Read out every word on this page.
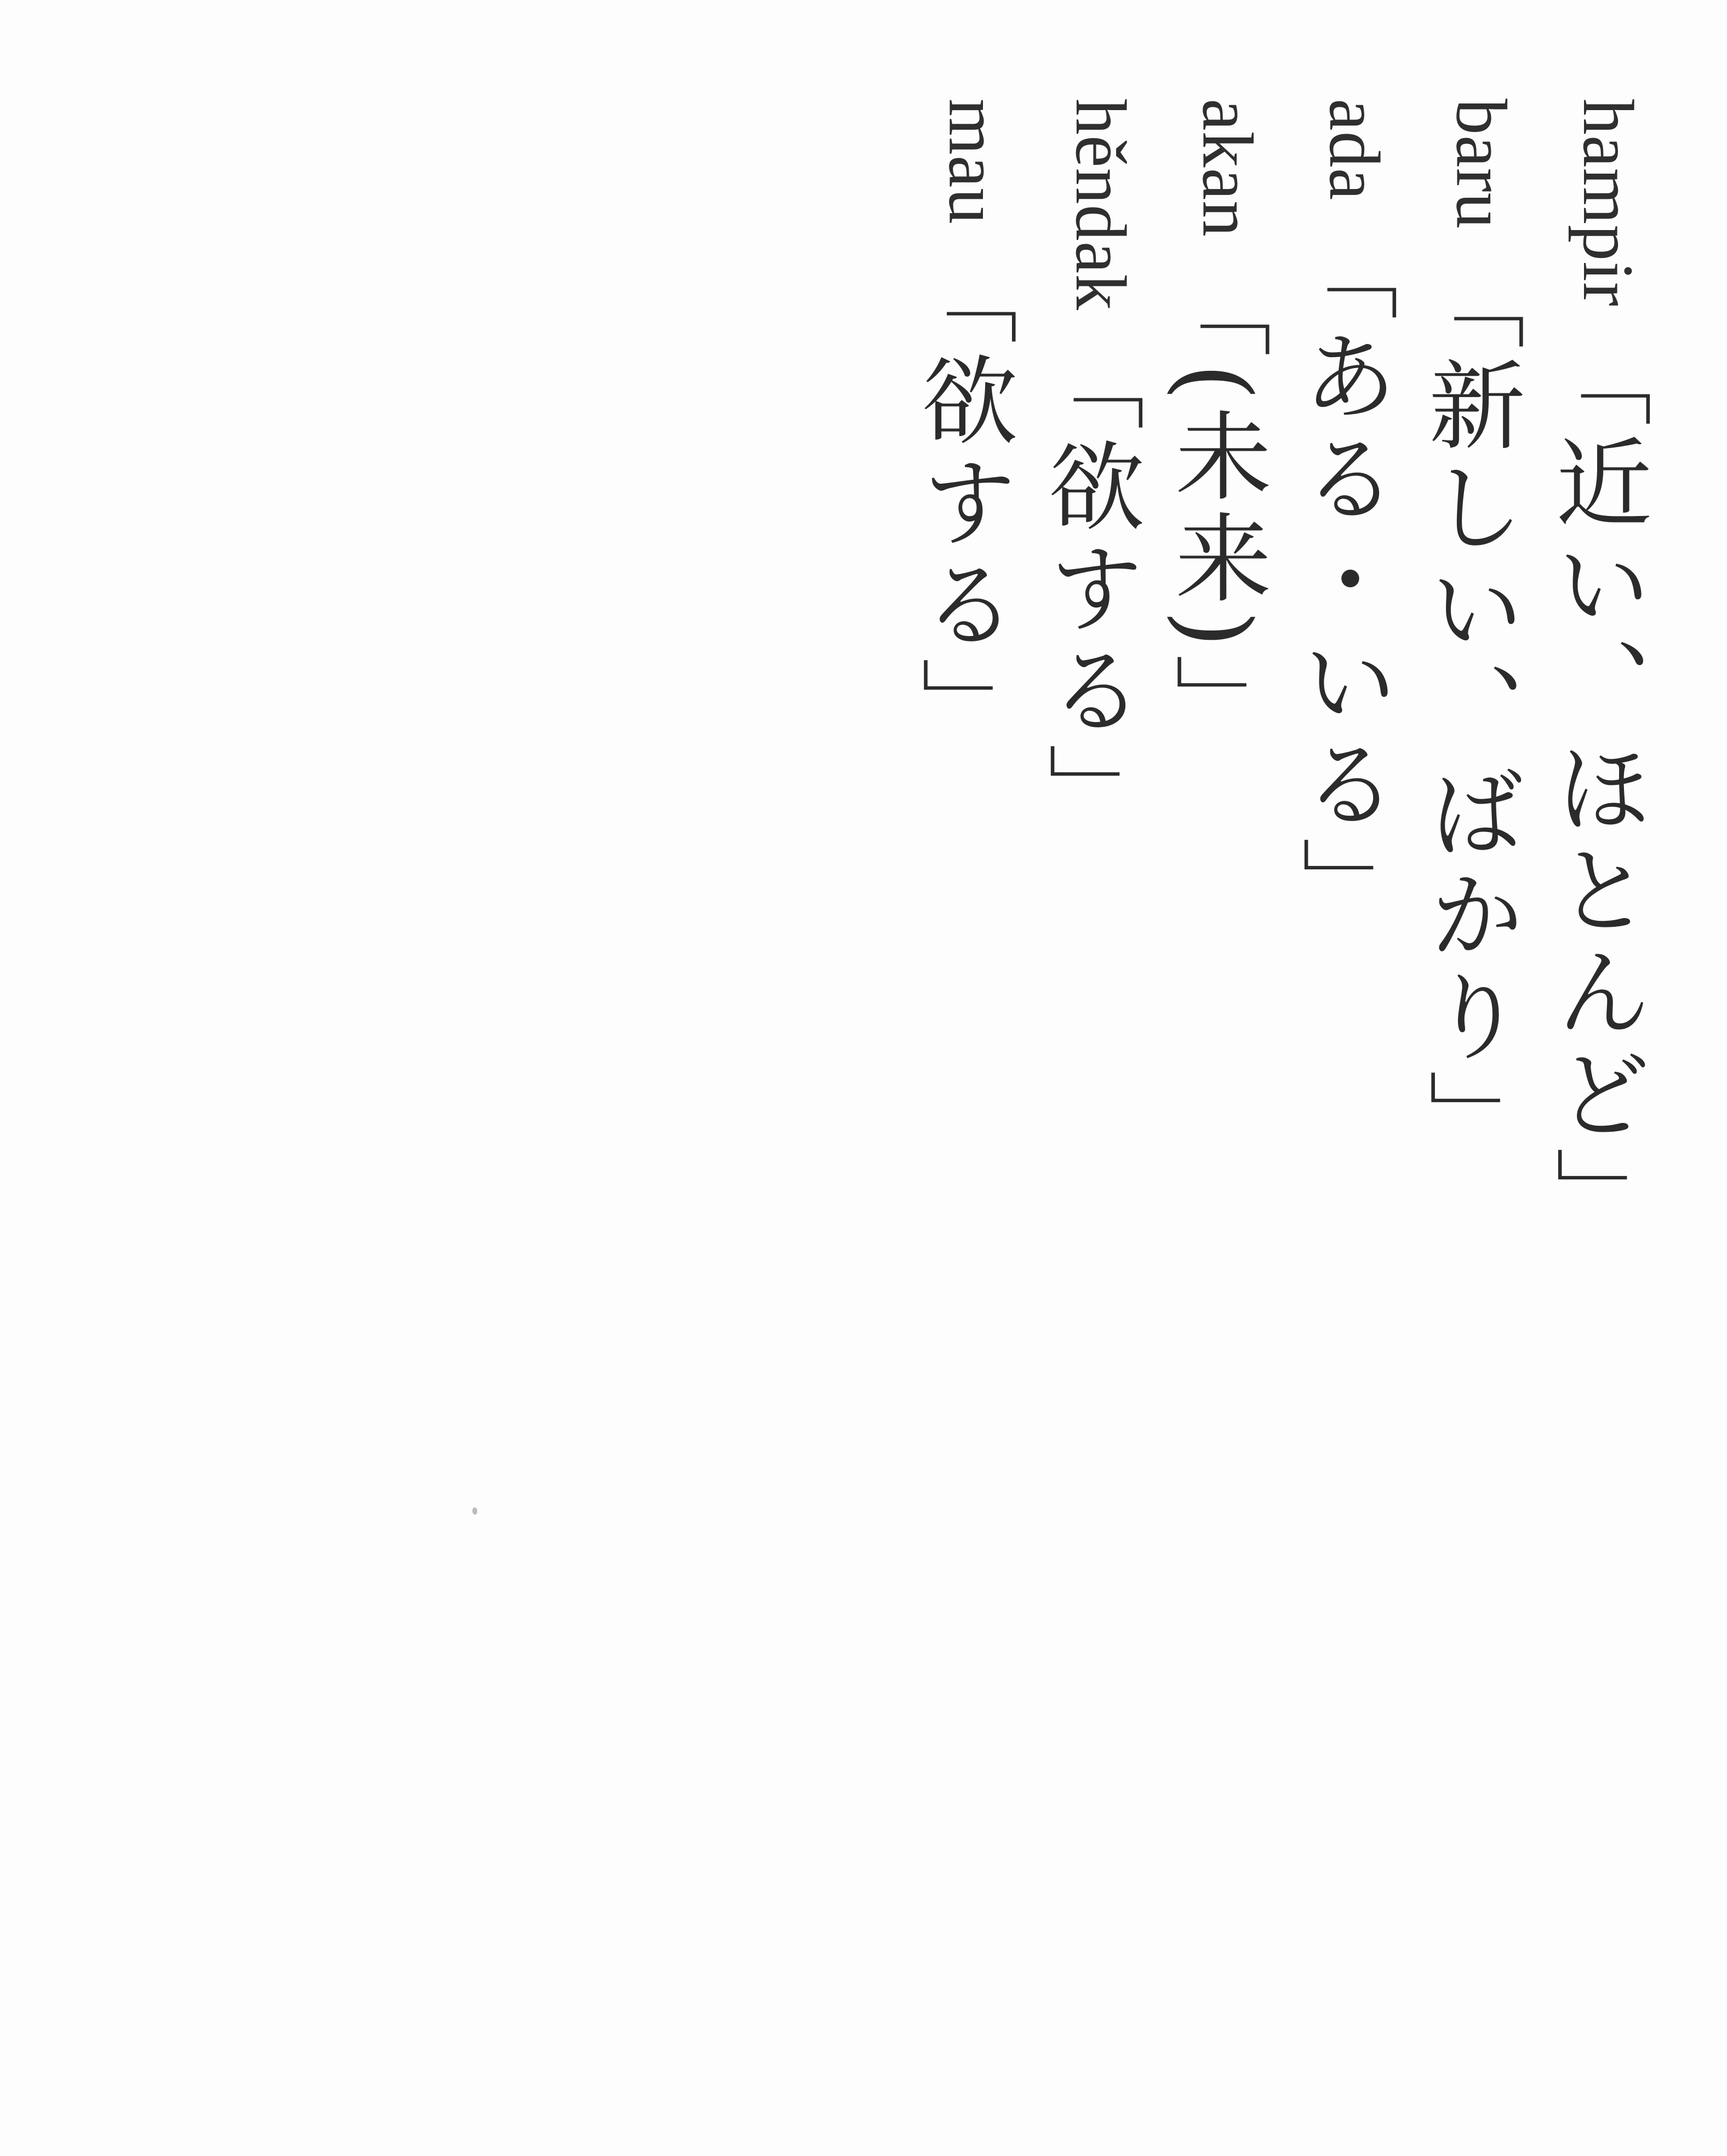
hampir
「近い、ほとんど」
baru
「新しい、ばかり」
ada
「ある・いる」
akan
「(未来)」
hěndak
「欲する」
mau
「欲する」
